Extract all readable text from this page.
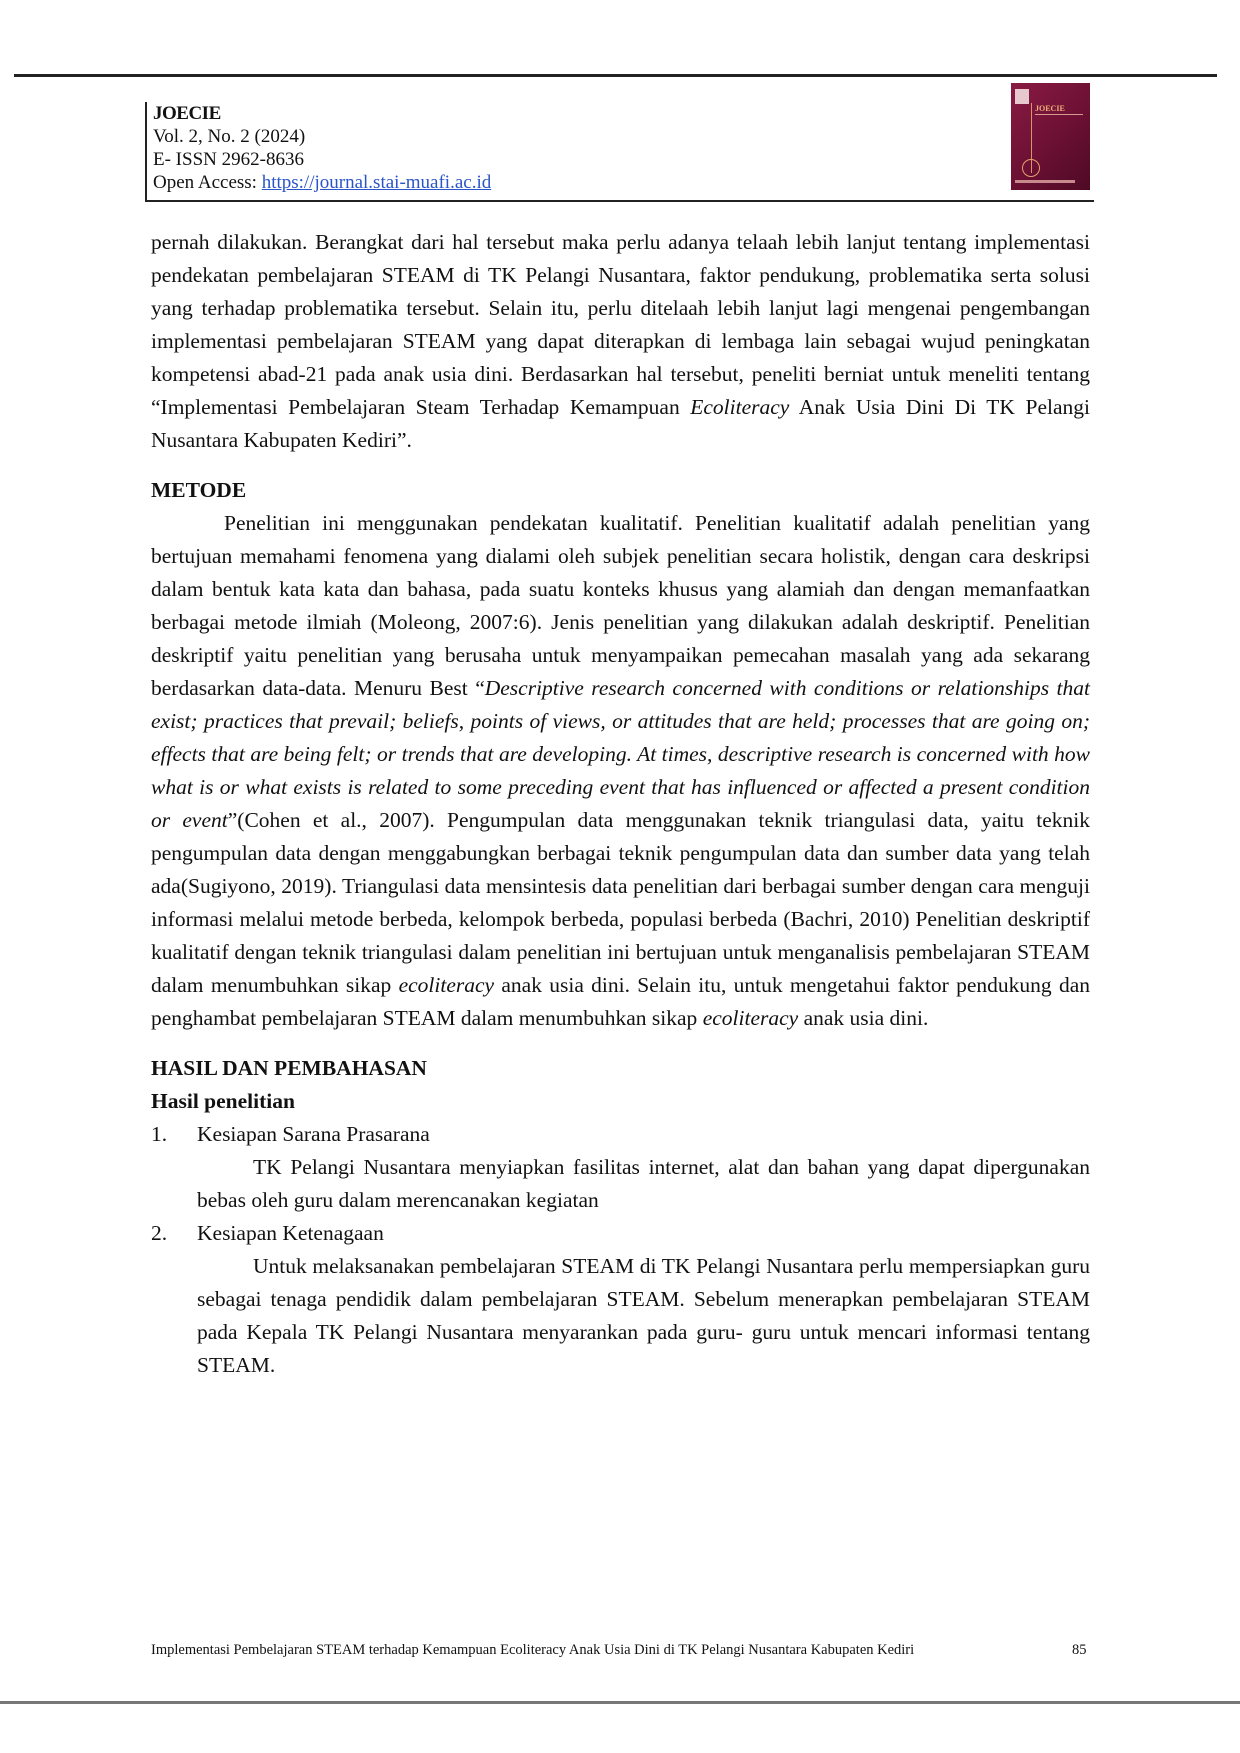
JOECIE
Vol. 2, No. 2 (2024)
E- ISSN 2962-8636
Open Access: https://journal.stai-muafi.ac.id
JOECIE

pernah dilakukan. Berangkat dari hal tersebut maka perlu adanya telaah lebih lanjut tentang implementasi pendekatan pembelajaran STEAM di TK Pelangi Nusantara, faktor pendukung, problematika serta solusi yang terhadap problematika tersebut. Selain itu, perlu ditelaah lebih lanjut lagi mengenai pengembangan implementasi pembelajaran STEAM yang dapat diterapkan di lembaga lain sebagai wujud peningkatan kompetensi abad-21 pada anak usia dini. Berdasarkan hal tersebut, peneliti berniat untuk meneliti tentang “Implementasi Pembelajaran Steam Terhadap Kemampuan Ecoliteracy Anak Usia Dini Di TK Pelangi Nusantara Kabupaten Kediri”.

METODE

Penelitian ini menggunakan pendekatan kualitatif. Penelitian kualitatif adalah penelitian yang bertujuan memahami fenomena yang dialami oleh subjek penelitian secara holistik, dengan cara deskripsi dalam bentuk kata kata dan bahasa, pada suatu konteks khusus yang alamiah dan dengan memanfaatkan berbagai metode ilmiah (Moleong, 2007:6). Jenis penelitian yang dilakukan adalah deskriptif. Penelitian deskriptif yaitu penelitian yang berusaha untuk menyampaikan pemecahan masalah yang ada sekarang berdasarkan data-data. Menuru Best “Descriptive research concerned with conditions or relationships that exist; practices that prevail; beliefs, points of views, or attitudes that are held; processes that are going on; effects that are being felt; or trends that are developing. At times, descriptive research is concerned with how what is or what exists is related to some preceding event that has influenced or affected a present condition or event”(Cohen et al., 2007). Pengumpulan data menggunakan teknik triangulasi data, yaitu teknik pengumpulan data dengan menggabungkan berbagai teknik pengumpulan data dan sumber data yang telah ada(Sugiyono, 2019). Triangulasi data mensintesis data penelitian dari berbagai sumber dengan cara menguji informasi melalui metode berbeda, kelompok berbeda, populasi berbeda (Bachri, 2010) Penelitian deskriptif kualitatif dengan teknik triangulasi dalam penelitian ini bertujuan untuk menganalisis pembelajaran STEAM dalam menumbuhkan sikap ecoliteracy anak usia dini. Selain itu, untuk mengetahui faktor pendukung dan penghambat pembelajaran STEAM dalam menumbuhkan sikap ecoliteracy anak usia dini.

HASIL DAN PEMBAHASAN

Hasil penelitian

1. Kesiapan Sarana Prasarana

TK Pelangi Nusantara menyiapkan fasilitas internet, alat dan bahan yang dapat dipergunakan bebas oleh guru dalam merencanakan kegiatan

2. Kesiapan Ketenagaan

Untuk melaksanakan pembelajaran STEAM di TK Pelangi Nusantara perlu mempersiapkan guru sebagai tenaga pendidik dalam pembelajaran STEAM. Sebelum menerapkan pembelajaran STEAM pada Kepala TK Pelangi Nusantara menyarankan pada guru- guru untuk mencari informasi tentang STEAM.

Implementasi Pembelajaran STEAM terhadap Kemampuan Ecoliteracy Anak Usia Dini di TK Pelangi Nusantara Kabupaten Kediri	85
